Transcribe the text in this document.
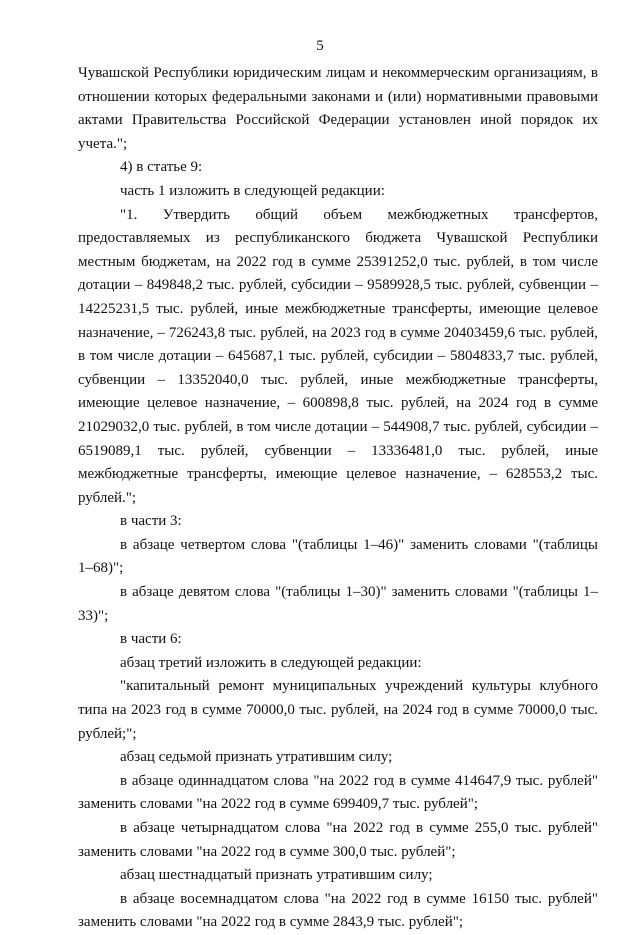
5

Чувашской Республики юридическим лицам и некоммерческим организациям, в отношении которых федеральными законами и (или) нормативными правовыми актами Правительства Российской Федерации установлен иной порядок их учета.";

4) в статье 9:

часть 1 изложить в следующей редакции:

"1. Утвердить общий объем межбюджетных трансфертов, предоставляемых из республиканского бюджета Чувашской Республики местным бюджетам, на 2022 год в сумме 25391252,0 тыс. рублей, в том числе дотации – 849848,2 тыс. рублей, субсидии – 9589928,5 тыс. рублей, субвенции – 14225231,5 тыс. рублей, иные межбюджетные трансферты, имеющие целевое назначение, – 726243,8 тыс. рублей, на 2023 год в сумме 20403459,6 тыс. рублей, в том числе дотации – 645687,1 тыс. рублей, субсидии – 5804833,7 тыс. рублей, субвенции – 13352040,0 тыс. рублей, иные межбюджетные трансферты, имеющие целевое назначение, – 600898,8 тыс. рублей, на 2024 год в сумме 21029032,0 тыс. рублей, в том числе дотации – 544908,7 тыс. рублей, субсидии – 6519089,1 тыс. рублей, субвенции – 13336481,0 тыс. рублей, иные межбюджетные трансферты, имеющие целевое назначение, – 628553,2 тыс. рублей.";

в части 3:

в абзаце четвертом слова "(таблицы 1–46)" заменить словами "(таблицы 1–68)";

в абзаце девятом слова "(таблицы 1–30)" заменить словами "(таблицы 1–33)";

в части 6:

абзац третий изложить в следующей редакции:

"капитальный ремонт муниципальных учреждений культуры клубного типа на 2023 год в сумме 70000,0 тыс. рублей, на 2024 год в сумме 70000,0 тыс. рублей;";

абзац седьмой признать утратившим силу;

в абзаце одиннадцатом слова "на 2022 год в сумме 414647,9 тыс. рублей" заменить словами "на 2022 год в сумме 699409,7 тыс. рублей";

в абзаце четырнадцатом слова "на 2022 год в сумме 255,0 тыс. рублей" заменить словами "на 2022 год в сумме 300,0 тыс. рублей";

абзац шестнадцатый признать утратившим силу;

в абзаце восемнадцатом слова "на 2022 год в сумме 16150 тыс. рублей" заменить словами "на 2022 год в сумме 2843,9 тыс. рублей";
